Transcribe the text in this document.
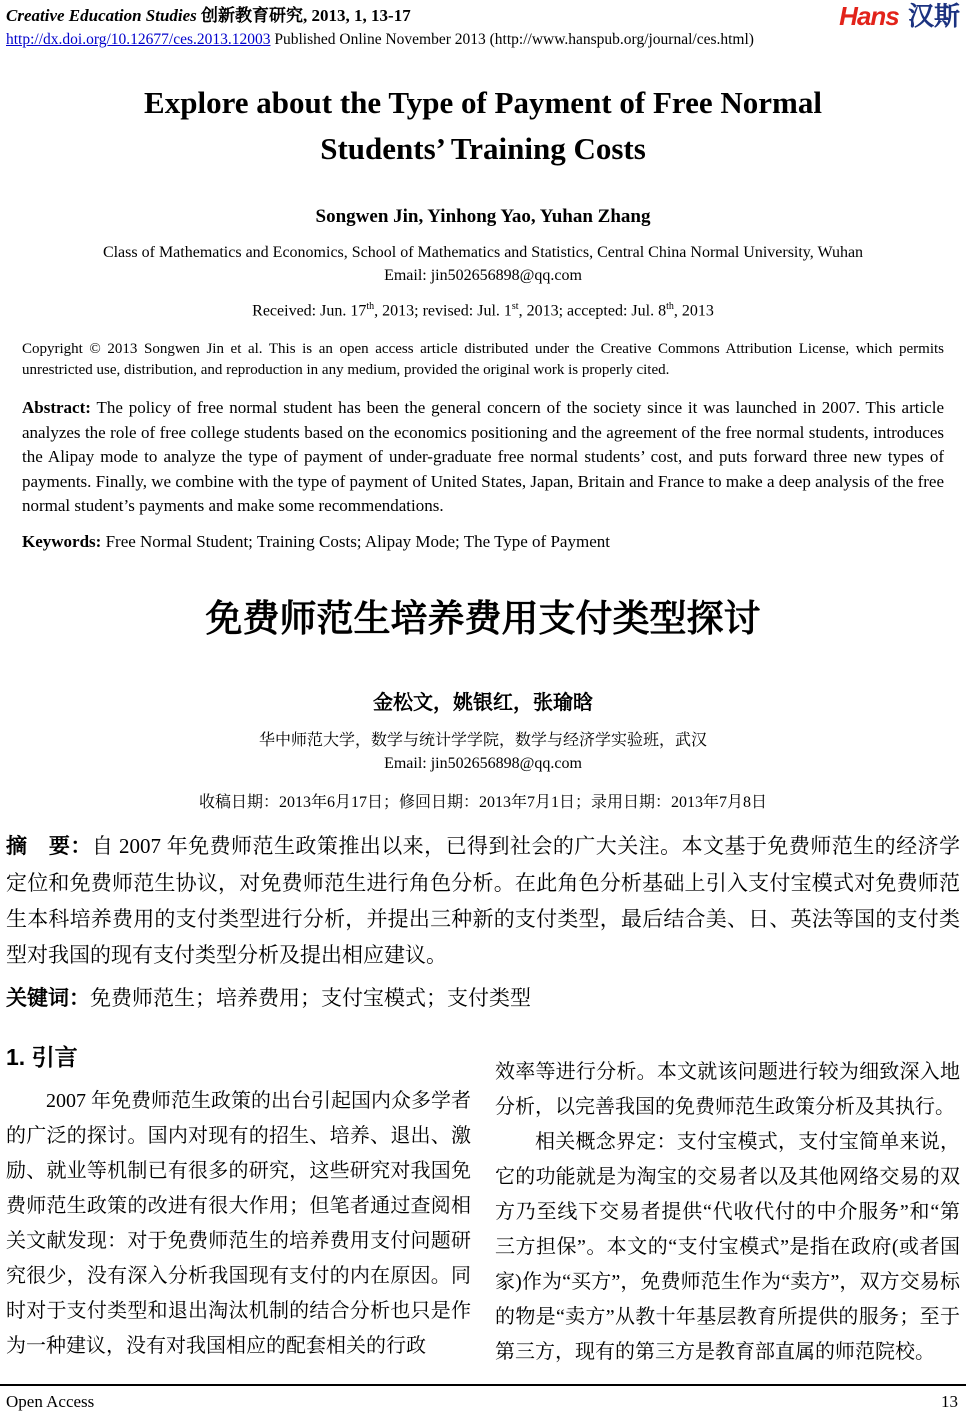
Creative Education Studies 创新教育研究, 2013, 1, 13-17
http://dx.doi.org/10.12677/ces.2013.12003 Published Online November 2013 (http://www.hanspub.org/journal/ces.html)
Hans 汉斯
Explore about the Type of Payment of Free Normal
Students’ Training Costs

Songwen Jin, Yinhong Yao, Yuhan Zhang

Class of Mathematics and Economics, School of Mathematics and Statistics, Central China Normal University, Wuhan
Email: jin502656898@qq.com

Received: Jun. 17th, 2013; revised: Jul. 1st, 2013; accepted: Jul. 8th, 2013

Copyright © 2013 Songwen Jin et al. This is an open access article distributed under the Creative Commons Attribution License, which permits unrestricted use, distribution, and reproduction in any medium, provided the original work is properly cited.

Abstract: The policy of free normal student has been the general concern of the society since it was launched in 2007. This article analyzes the role of free college students based on the economics positioning and the agreement of the free normal students, introduces the Alipay mode to analyze the type of payment of under-graduate free normal students’ cost, and puts forward three new types of payments. Finally, we combine with the type of payment of United States, Japan, Britain and France to make a deep analysis of the free normal student’s payments and make some recommendations.

Keywords: Free Normal Student; Training Costs; Alipay Mode; The Type of Payment

免费师范生培养费用支付类型探讨

金松文，姚银红，张瑜晗

华中师范大学，数学与统计学学院，数学与经济学实验班，武汉
Email: jin502656898@qq.com

收稿日期：2013年6月17日；修回日期：2013年7月1日；录用日期：2013年7月8日

摘　要：自 2007 年免费师范生政策推出以来，已得到社会的广大关注。本文基于免费师范生的经济学定位和免费师范生协议，对免费师范生进行角色分析。在此角色分析基础上引入支付宝模式对免费师范生本科培养费用的支付类型进行分析，并提出三种新的支付类型，最后结合美、日、英法等国的支付类型对我国的现有支付类型分析及提出相应建议。

关键词：免费师范生；培养费用；支付宝模式；支付类型

1. 引言

2007 年免费师范生政策的出台引起国内众多学者的广泛的探讨。国内对现有的招生、培养、退出、激励、就业等机制已有很多的研究，这些研究对我国免费师范生政策的改进有很大作用；但笔者通过查阅相关文献发现：对于免费师范生的培养费用支付问题研究很少，没有深入分析我国现有支付的内在原因。同时对于支付类型和退出淘汰机制的结合分析也只是作为一种建议，没有对我国相应的配套相关的行政

效率等进行分析。本文就该问题进行较为细致深入地分析，以完善我国的免费师范生政策分析及其执行。

相关概念界定：支付宝模式，支付宝简单来说，它的功能就是为淘宝的交易者以及其他网络交易的双方乃至线下交易者提供“代收代付的中介服务”和“第三方担保”。本文的“支付宝模式”是指在政府(或者国家)作为“买方”，免费师范生作为“卖方”，双方交易标的物是“卖方”从教十年基层教育所提供的服务；至于第三方，现有的第三方是教育部直属的师范院校。

Open Access	13
